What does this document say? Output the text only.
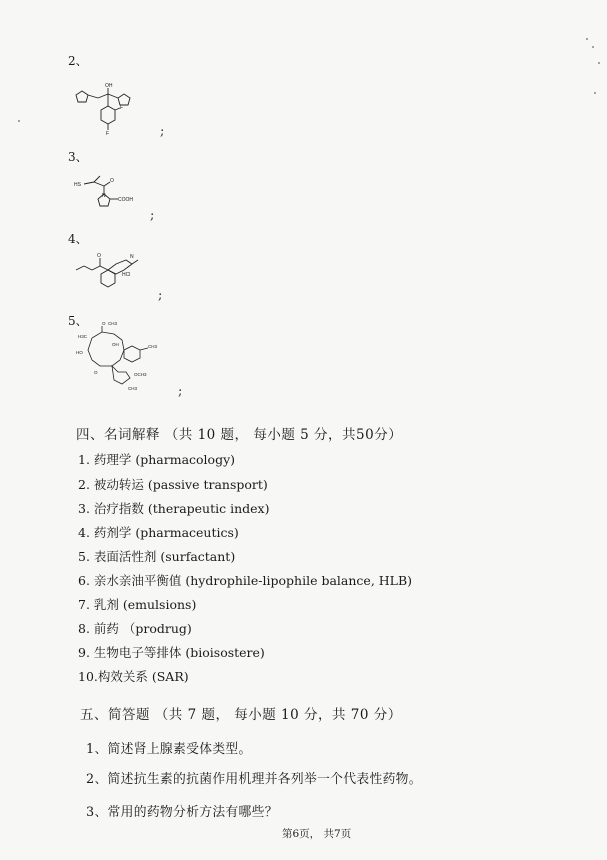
2、
OH
F
F	;
3、
HS
O
N
COOH
;
4、
O	N
HCl
;
5、
H3C
O CH3
OH
HO
CH3
O	OCH3
CH3	;
四、名词解释 （共 10 题， 每小题 5 分，共50分）
1. 药理学 (pharmacology)
2. 被动转运 (passive transport)
3. 治疗指数 (therapeutic index)
4. 药剂学 (pharmaceutics)
5. 表面活性剂 (surfactant)
6. 亲水亲油平衡值 (hydrophile-lipophile balance, HLB)
7. 乳剂 (emulsions)
8. 前药 （prodrug)
9. 生物电子等排体 (bioisostere)
10.构效关系 (SAR)
五、简答题 （共 7 题， 每小题 10 分，共 70 分）
1、简述肾上腺素受体类型。
2、简述抗生素的抗菌作用机理并各列举一个代表性药物。
3、常用的药物分析方法有哪些？
第6页， 共7页
